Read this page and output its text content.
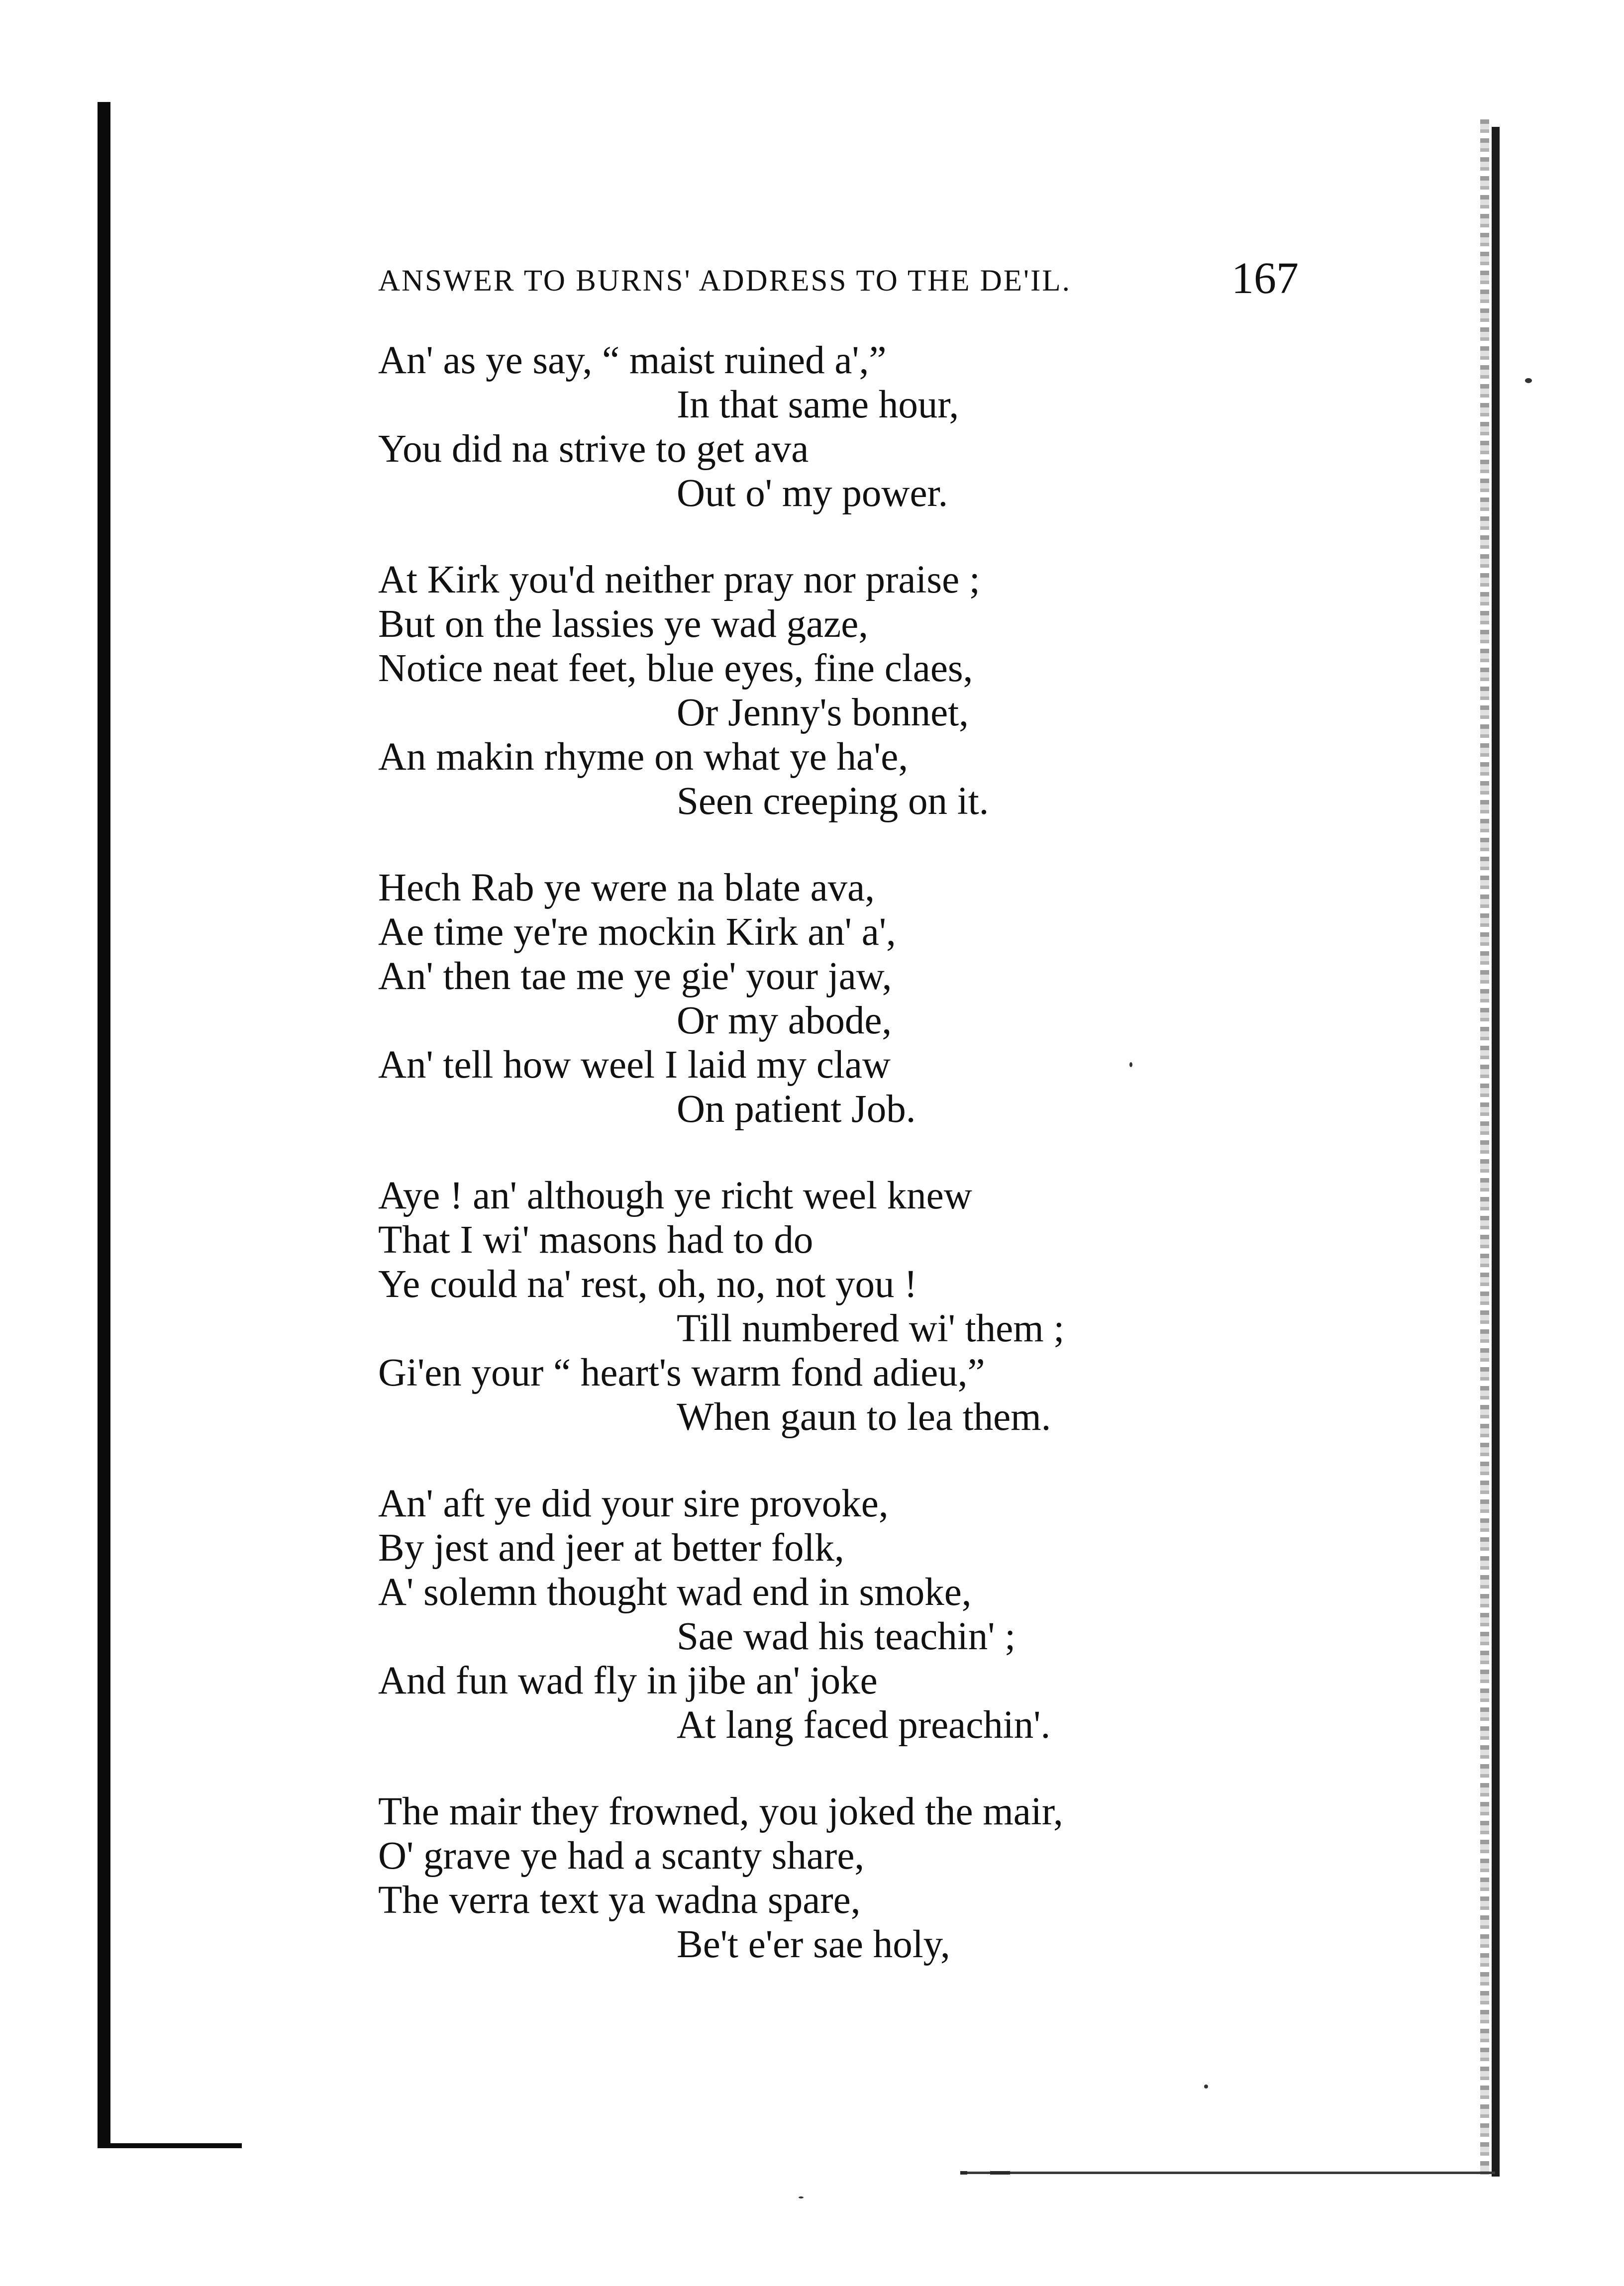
ANSWER TO BURNS' ADDRESS TO THE DE'IL.	167
An' as ye say, “ maist ruined a',”
In that same hour,
You did na strive to get ava
Out o' my power.
At Kirk you'd neither pray nor praise ;
But on the lassies ye wad gaze,
Notice neat feet, blue eyes, fine claes,
Or Jenny's bonnet,
An makin rhyme on what ye ha'e,
Seen creeping on it.
Hech Rab ye were na blate ava,
Ae time ye're mockin Kirk an' a',
An' then tae me ye gie' your jaw,
Or my abode,
An' tell how weel I laid my claw
On patient Job.
Aye ! an' although ye richt weel knew
That I wi' masons had to do
Ye could na' rest, oh, no, not you !
Till numbered wi' them ;
Gi'en your “ heart's warm fond adieu,”
When gaun to lea them.
An' aft ye did your sire provoke,
By jest and jeer at better folk,
A' solemn thought wad end in smoke,
Sae wad his teachin' ;
And fun wad fly in jibe an' joke
At lang faced preachin'.
The mair they frowned, you joked the mair,
O' grave ye had a scanty share,
The verra text ya wadna spare,
Be't e'er sae holy,
